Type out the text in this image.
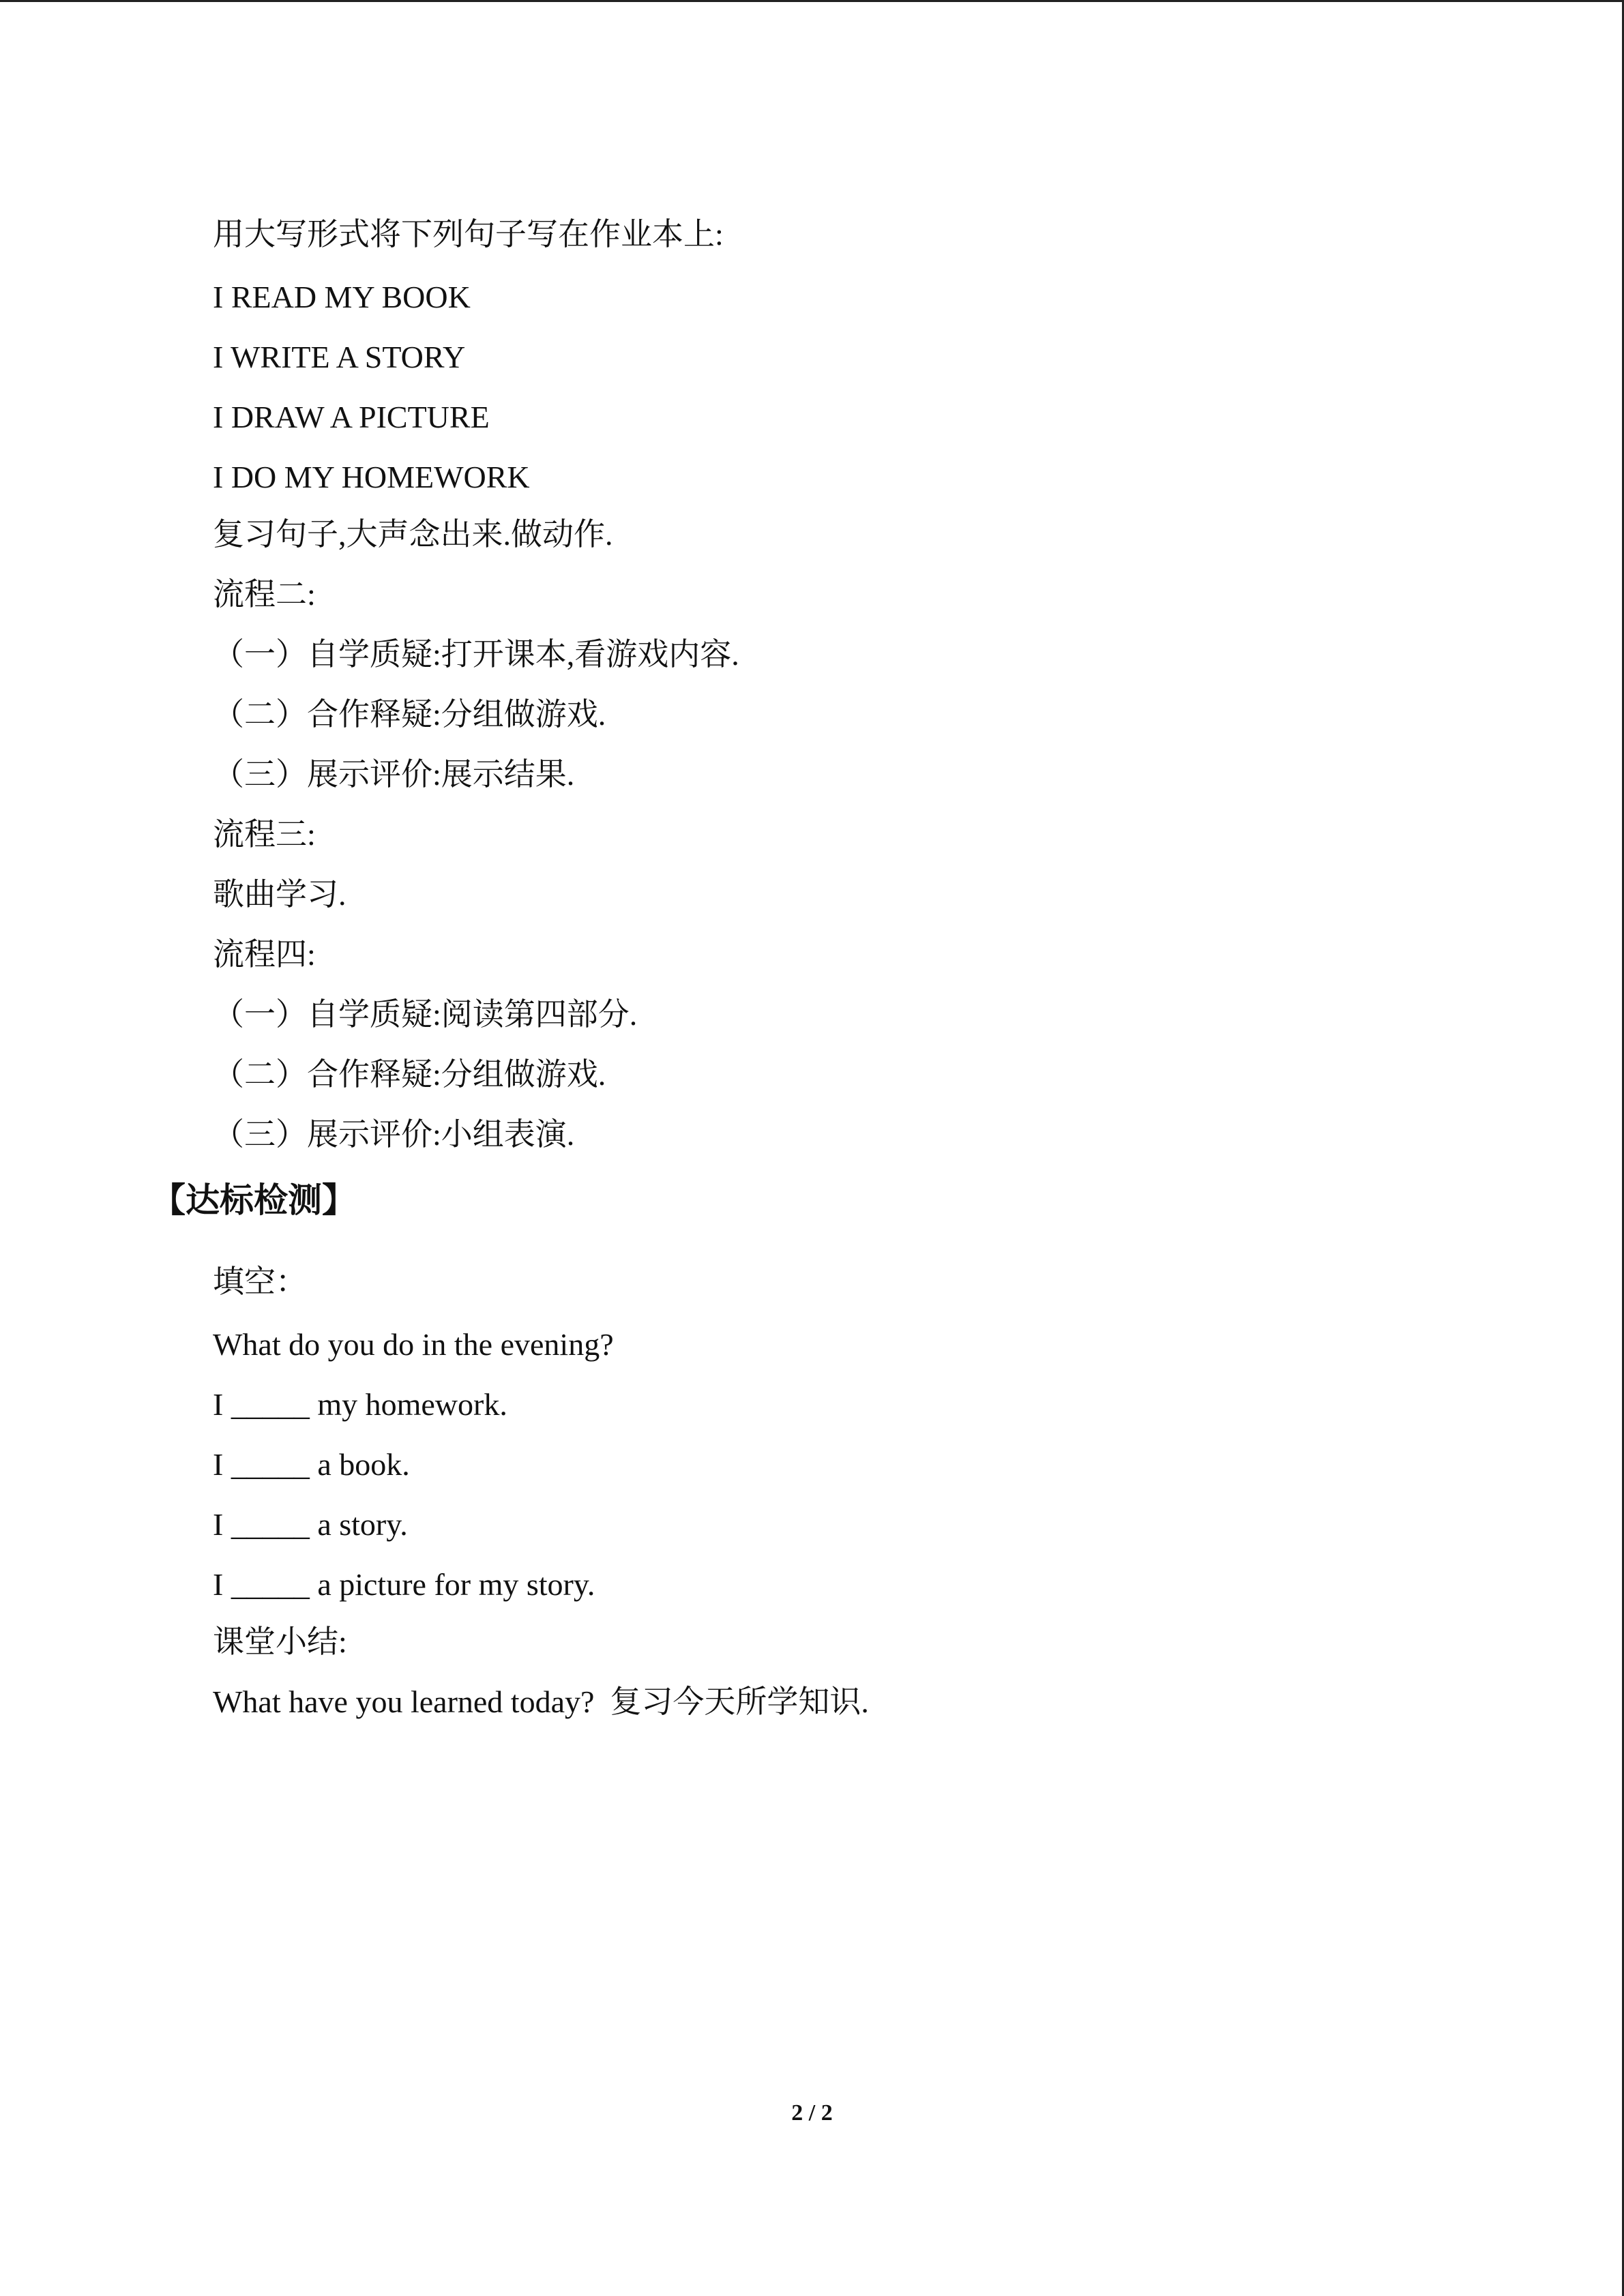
用大写形式将下列句子写在作业本上:
I READ MY BOOK
I WRITE A STORY
I DRAW A PICTURE
I DO MY HOMEWORK
复习句子,大声念出来.做动作.
流程二:
（一）自学质疑:打开课本,看游戏内容.
（二）合作释疑:分组做游戏.
（三）展示评价:展示结果.
流程三:
歌曲学习.
流程四:
（一）自学质疑:阅读第四部分.
（二）合作释疑:分组做游戏.
（三）展示评价:小组表演.
【达标检测】
填空：
What do you do in the evening?
I _____ my homework.
I _____ a book.
I _____ a story.
I _____ a picture for my story.
课堂小结:
What have you learned today?  复习今天所学知识.
2 / 2
